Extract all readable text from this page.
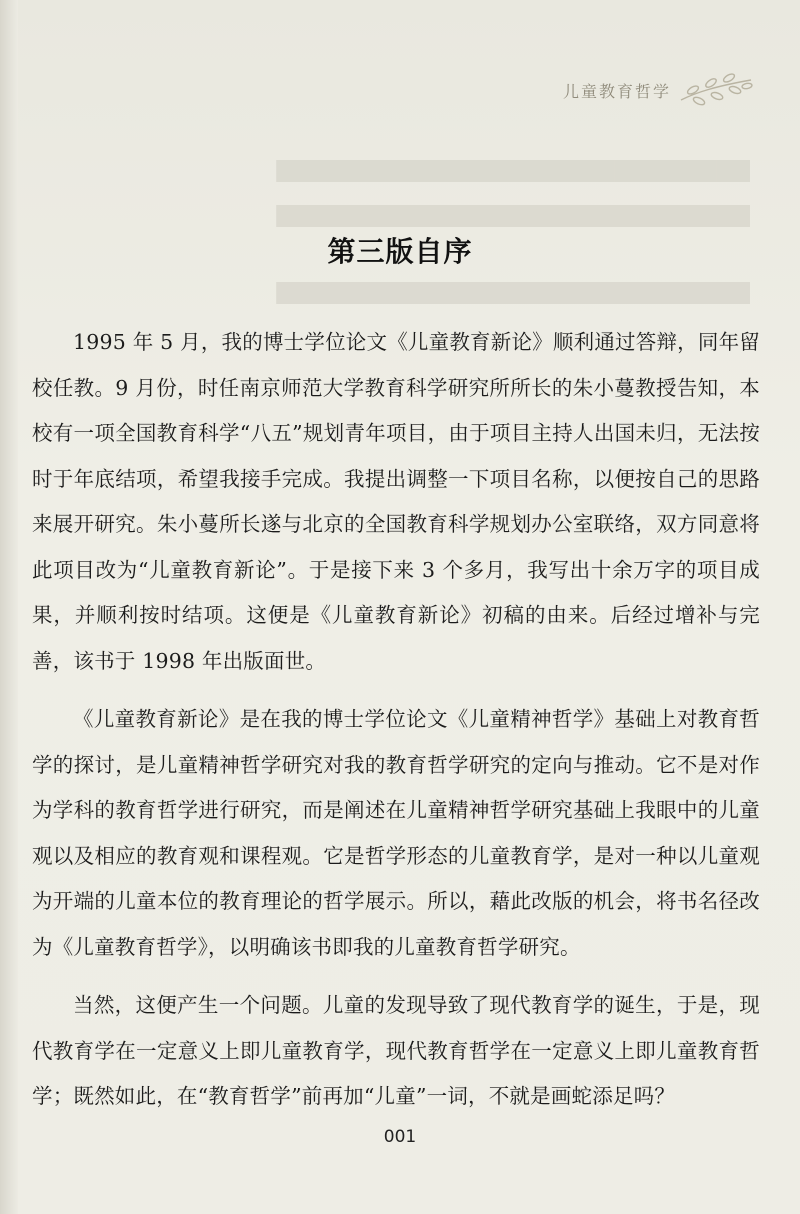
儿童教育哲学
▇▇▇▇▇▇▇▇▇▇▇▇▇▇▇▇▇▇▇▇▇▇▇▇▇▇▇▇
▇▇▇▇▇▇▇▇▇▇▇▇▇▇▇▇▇▇▇▇▇▇▇▇▇▇▇▇
▇▇▇▇▇▇▇▇▇▇▇▇▇▇▇▇▇▇▇▇▇▇▇▇▇▇▇▇
第三版自序

1995 年 5 月，我的博士学位论文《儿童教育新论》顺利通过答辩，同年留校任教。9 月份，时任南京师范大学教育科学研究所所长的朱小蔓教授告知，本校有一项全国教育科学“八五”规划青年项目，由于项目主持人出国未归，无法按时于年底结项，希望我接手完成。我提出调整一下项目名称，以便按自己的思路来展开研究。朱小蔓所长遂与北京的全国教育科学规划办公室联络，双方同意将此项目改为“儿童教育新论”。于是接下来 3 个多月，我写出十余万字的项目成果，并顺利按时结项。这便是《儿童教育新论》初稿的由来。后经过增补与完善，该书于 1998 年出版面世。

《儿童教育新论》是在我的博士学位论文《儿童精神哲学》基础上对教育哲学的探讨，是儿童精神哲学研究对我的教育哲学研究的定向与推动。它不是对作为学科的教育哲学进行研究，而是阐述在儿童精神哲学研究基础上我眼中的儿童观以及相应的教育观和课程观。它是哲学形态的儿童教育学，是对一种以儿童观为开端的儿童本位的教育理论的哲学展示。所以，藉此改版的机会，将书名径改为《儿童教育哲学》，以明确该书即我的儿童教育哲学研究。

当然，这便产生一个问题。儿童的发现导致了现代教育学的诞生，于是，现代教育学在一定意义上即儿童教育学，现代教育哲学在一定意义上即儿童教育哲学；既然如此，在“教育哲学”前再加“儿童”一词，不就是画蛇添足吗？

001
